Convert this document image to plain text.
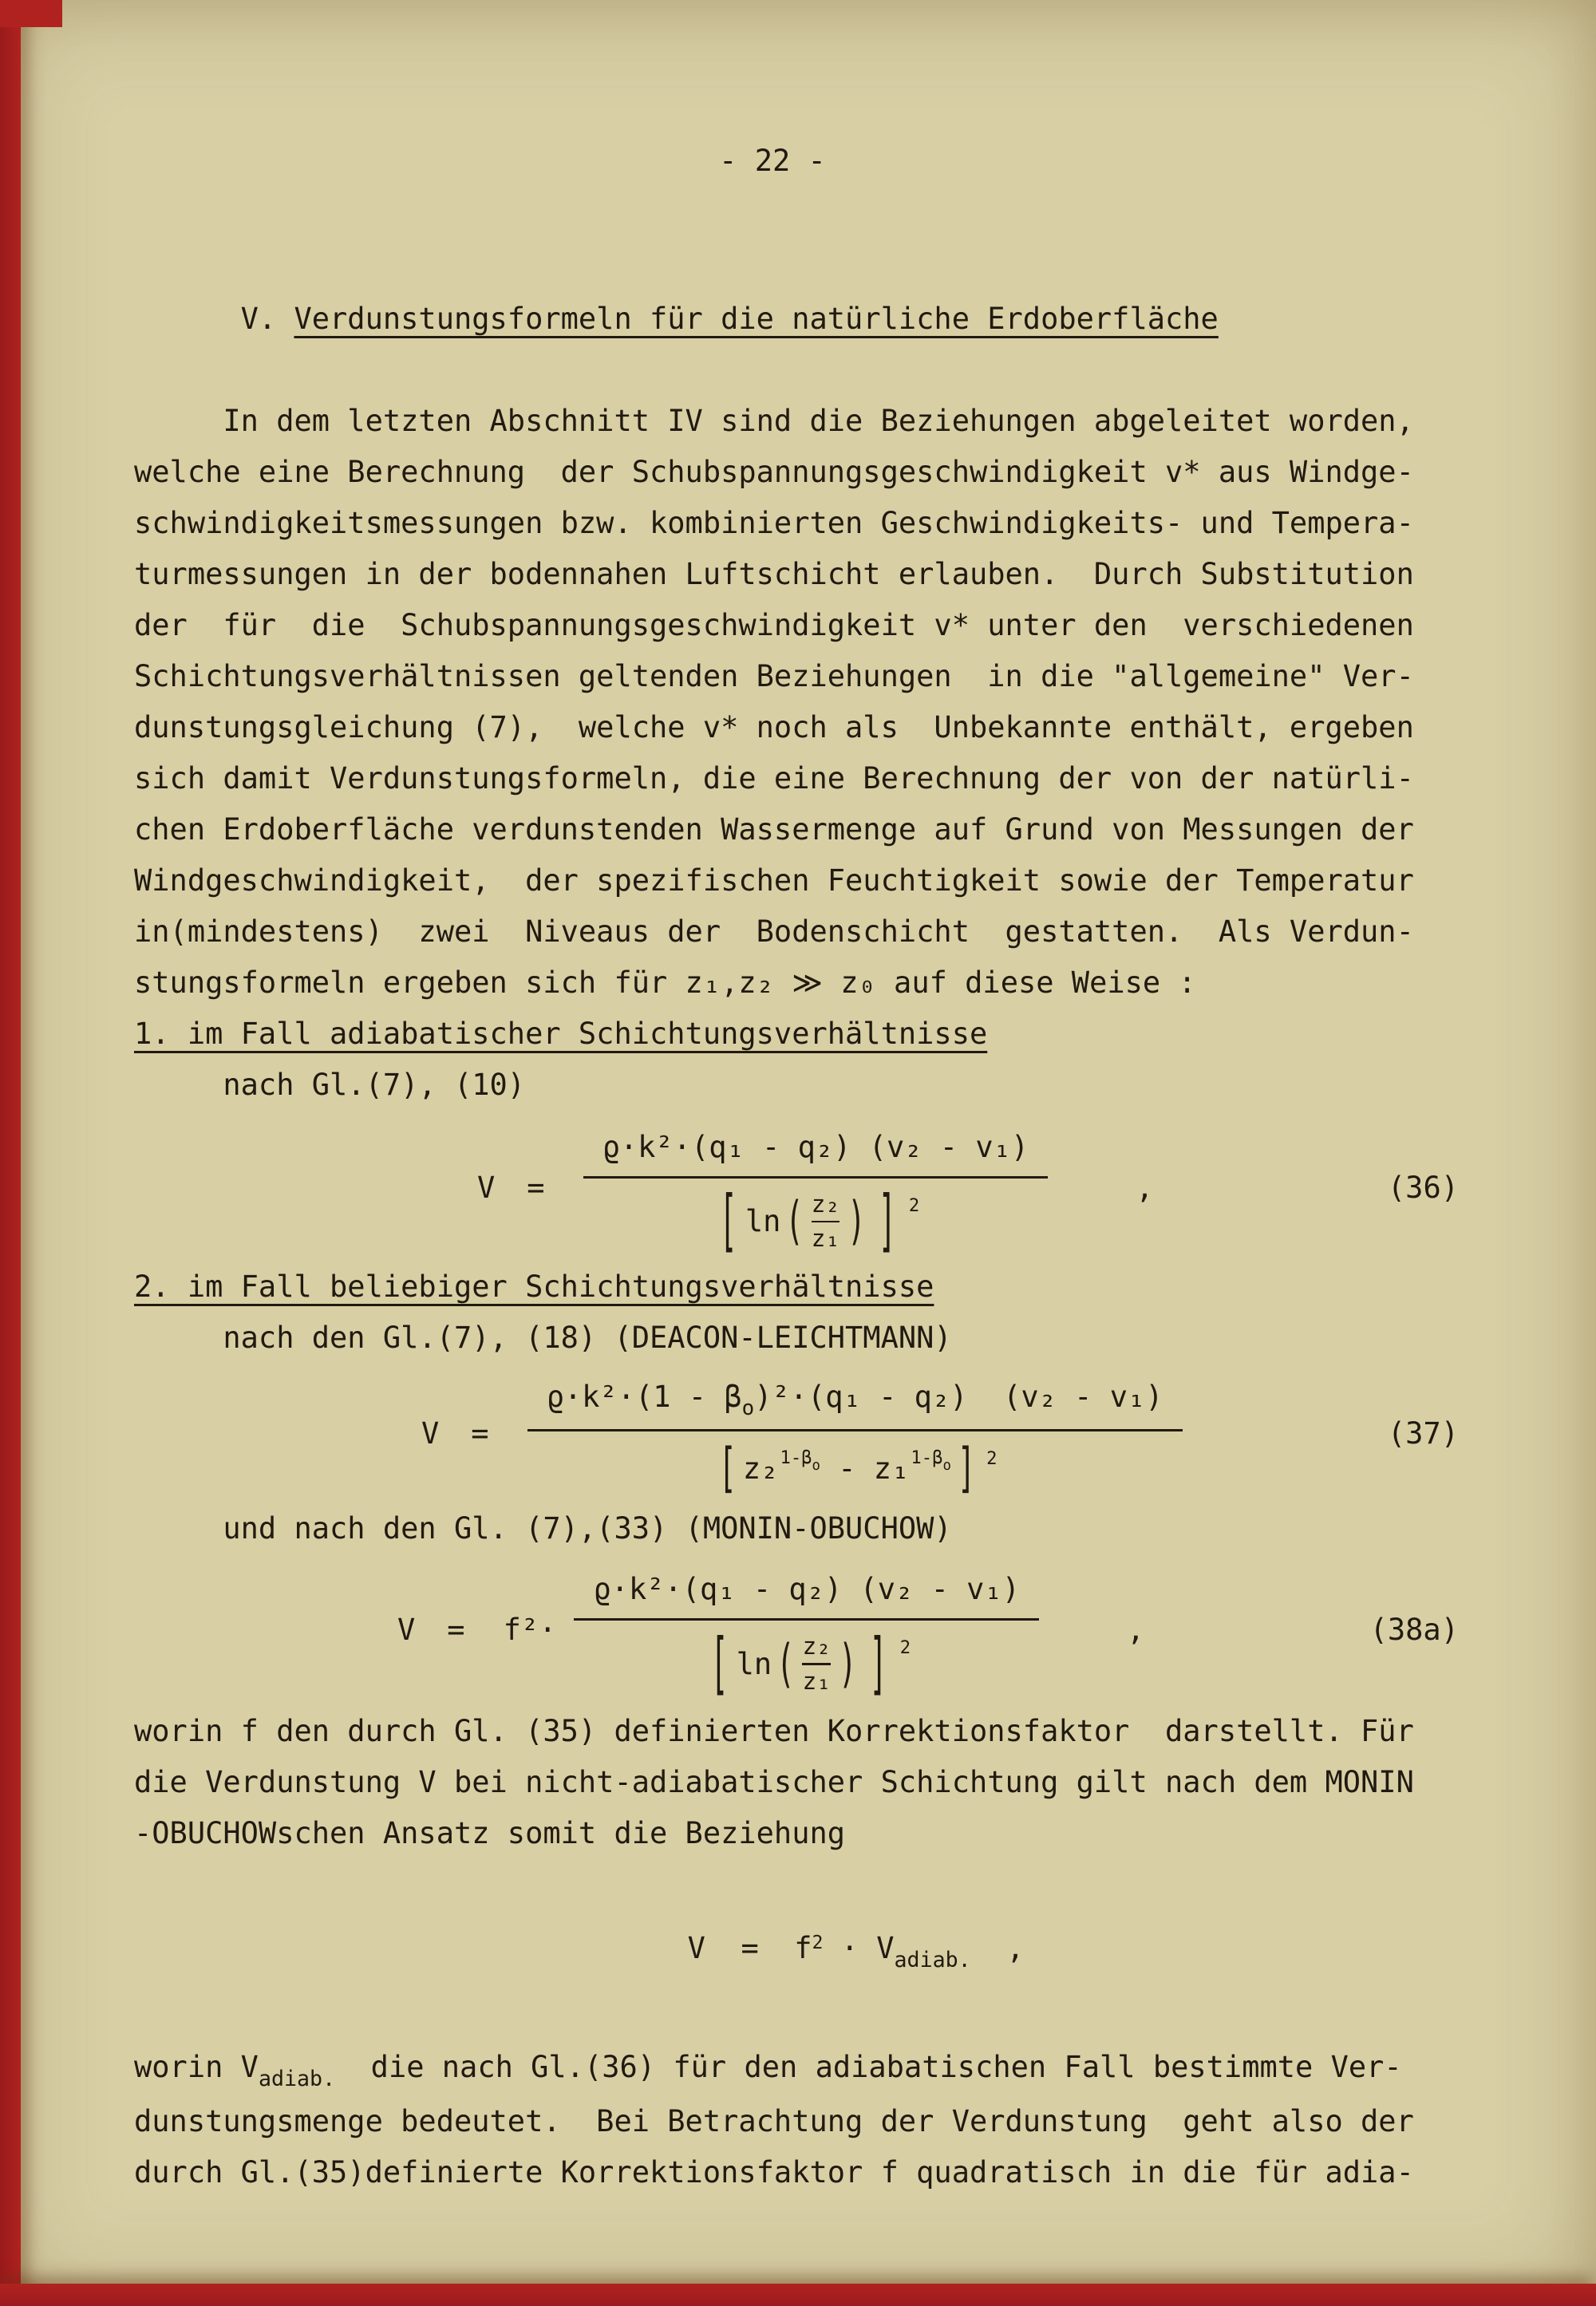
- 22 -

V. Verdunstungsformeln für die natürliche Erdoberfläche

In dem letzten Abschnitt IV sind die Beziehungen abgeleitet worden,
welche eine Berechnung  der Schubspannungsgeschwindigkeit v* aus Windge-
schwindigkeitsmessungen bzw. kombinierten Geschwindigkeits- und Tempera-
turmessungen in der bodennahen Luftschicht erlauben.  Durch Substitution
der  für  die  Schubspannungsgeschwindigkeit v* unter den  verschiedenen
Schichtungsverhältnissen geltenden Beziehungen  in die "allgemeine" Ver-
dunstungsgleichung (7),  welche v* noch als  Unbekannte enthält, ergeben
sich damit Verdunstungsformeln, die eine Berechnung der von der natürli-
chen Erdoberfläche verdunstenden Wassermenge auf Grund von Messungen der
Windgeschwindigkeit,  der spezifischen Feuchtigkeit sowie der Temperatur
in(mindestens)  zwei  Niveaus der  Bodenschicht  gestatten.  Als Verdun-
stungsformeln ergeben sich für z₁,z₂ ≫ z₀ auf diese Weise :
1. im Fall adiabatischer Schichtungsverhältnisse
nach Gl.(7), (10)
V =
ϱ·k²·(q₁ - q₂) (v₂ - v₁)
[ ln ( z₂
z₁ ) ] 2
,	(36)
2. im Fall beliebiger Schichtungsverhältnisse
nach den Gl.(7), (18) (DEACON-LEICHTMANN)
V =
$ϱ\cdot k^2\cdot(1 - \beta_o)^2\cdot(q_1 - q_2)$  (v₂ - v₁)
[ z₂ $1-\beta_o - z_1$ $1-\beta_o$ ] 2
(37)
und nach den Gl. (7),(33) (MONIN-OBUCHOW)
V = f²·
ϱ·k²·(q₁ - q₂) (v₂ - v₁)
[ ln ( z₂
z₁ ) ] 2
,	(38a)
worin f den durch Gl. (35) definierten Korrektionsfaktor  darstellt. Für
die Verdunstung V bei nicht-adiabatischer Schichtung gilt nach dem MONIN
-OBUCHOWschen Ansatz somit die Beziehung

$V = f^2 \cdot V_{adiab.}$  ,

worin $V_{adiab.}$  die nach Gl.(36) für den adiabatischen Fall bestimmte Ver-
dunstungsmenge bedeutet.  Bei Betrachtung der Verdunstung  geht also der
durch Gl.(35)definierte Korrektionsfaktor f quadratisch in die für adia-
